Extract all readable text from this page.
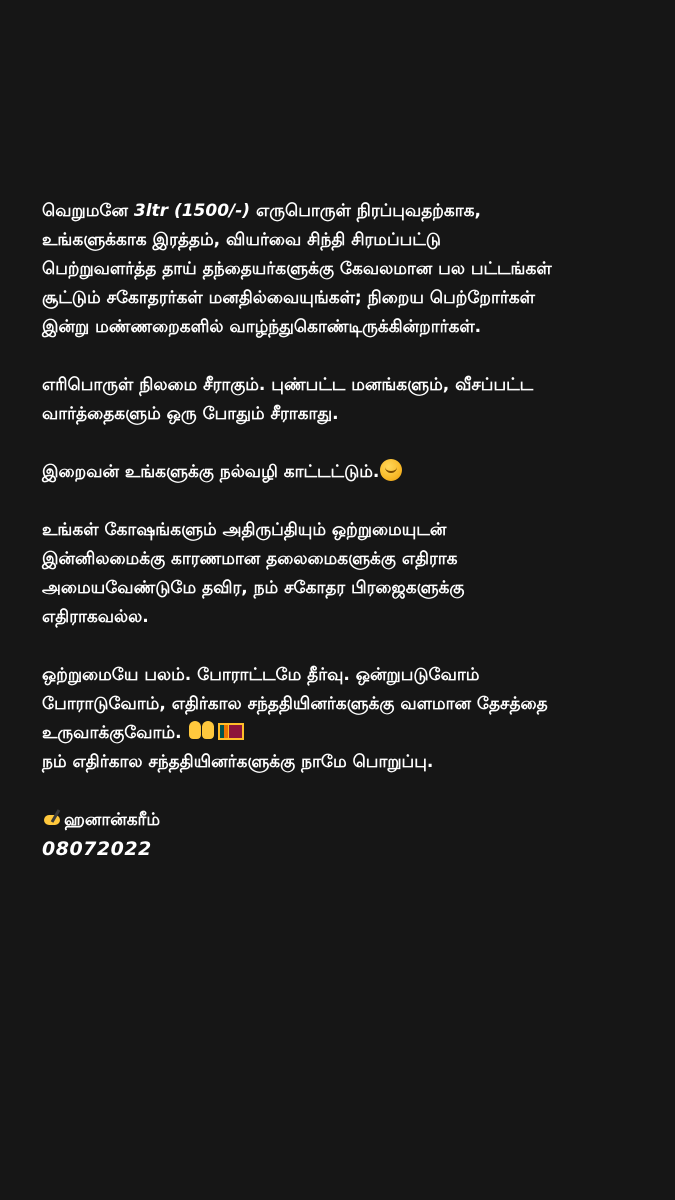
வெறுமனே 3ltr (1500/-) எருபொருள் நிரப்புவதற்காக,
உங்களுக்காக இரத்தம், வியர்வை சிந்தி சிரமப்பட்டு
பெற்றுவளர்த்த தாய் தந்தையர்களுக்கு கேவலமான பல பட்டங்கள்
சூட்டும் சகோதரர்கள் மனதில்வையுங்கள்; நிறைய பெற்றோர்கள்
இன்று மண்ணறைகளில் வாழ்ந்துகொண்டிருக்கின்றார்கள்.
எரிபொருள் நிலமை சீராகும். புண்பட்ட மனங்களும், வீசப்பட்ட
வார்த்தைகளும் ஒரு போதும் சீராகாது.
இறைவன் உங்களுக்கு நல்வழி காட்டட்டும்.
உங்கள் கோஷங்களும் அதிருப்தியும் ஒற்றுமையுடன்
இன்னிலமைக்கு காரணமான தலைமைகளுக்கு எதிராக
அமையவேண்டுமே தவிர, நம் சகோதர பிரஜைகளுக்கு
எதிராகவல்ல.
ஒற்றுமையே பலம். போராட்டமே தீர்வு. ஒன்றுபடுவோம்
போராடுவோம், எதிர்கால சந்ததியினர்களுக்கு வளமான தேசத்தை
உருவாக்குவோம்.
நம் எதிர்கால சந்ததியினர்களுக்கு நாமே பொறுப்பு.
ஹனான்கரீம்
08072022
